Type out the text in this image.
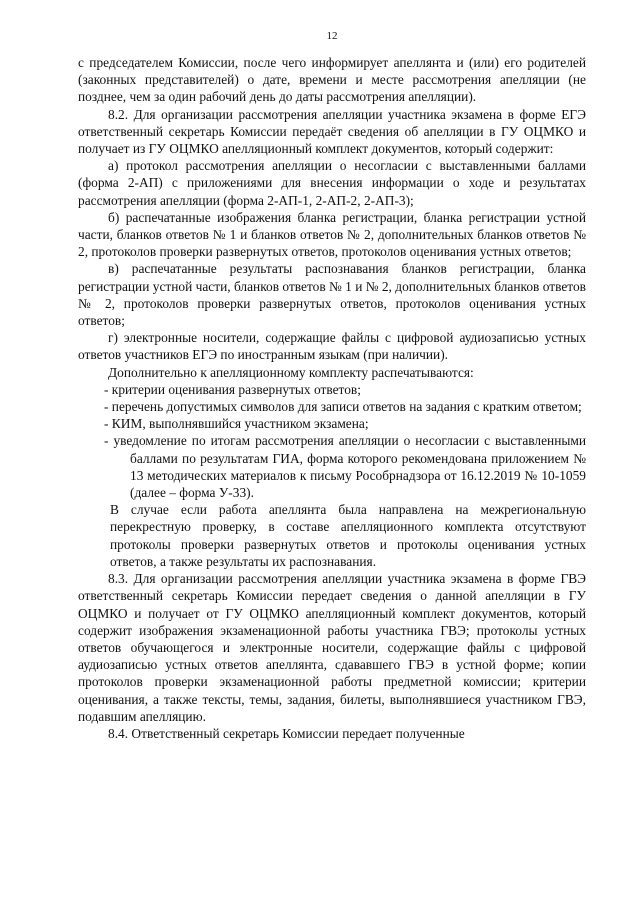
12

с председателем Комиссии, после чего информирует апеллянта и (или) его родителей (законных представителей) о дате, времени и месте рассмотрения апелляции (не позднее, чем за один рабочий день до даты рассмотрения апелляции).

8.2. Для организации рассмотрения апелляции участника экзамена в форме ЕГЭ ответственный секретарь Комиссии передаёт сведения об апелляции в ГУ ОЦМКО и получает из ГУ ОЦМКО апелляционный комплект документов, который содержит:

а) протокол рассмотрения апелляции о несогласии с выставленными баллами (форма 2-АП) с приложениями для внесения информации о ходе и результатах рассмотрения апелляции (форма 2-АП-1, 2-АП-2, 2-АП-3);

б) распечатанные изображения бланка регистрации, бланка регистрации устной части, бланков ответов № 1 и бланков ответов № 2, дополнительных бланков ответов № 2, протоколов проверки развернутых ответов, протоколов оценивания устных ответов;

в) распечатанные результаты распознавания бланков регистрации, бланка регистрации устной части, бланков ответов № 1 и № 2, дополнительных бланков ответов № 2, протоколов проверки развернутых ответов, протоколов оценивания устных ответов;

г) электронные носители, содержащие файлы с цифровой аудиозаписью устных ответов участников ЕГЭ по иностранным языкам (при наличии).

Дополнительно к апелляционному комплекту распечатываются:

- критерии оценивания развернутых ответов;

- перечень допустимых символов для записи ответов на задания с кратким ответом;

- КИМ, выполнявшийся участником экзамена;

- уведомление по итогам рассмотрения апелляции о несогласии с выставленными баллами по результатам ГИА, форма которого рекомендована приложением № 13 методических материалов к письму Рособрнадзора от 16.12.2019 № 10-1059 (далее – форма У-33).

В случае если работа апеллянта была направлена на межрегиональную перекрестную проверку, в составе апелляционного комплекта отсутствуют протоколы проверки развернутых ответов и протоколы оценивания устных ответов, а также результаты их распознавания.

8.3. Для организации рассмотрения апелляции участника экзамена в форме ГВЭ ответственный секретарь Комиссии передает сведения о данной апелляции в ГУ ОЦМКО и получает от ГУ ОЦМКО апелляционный комплект документов, который содержит изображения экзаменационной работы участника ГВЭ; протоколы устных ответов обучающегося и электронные носители, содержащие файлы с цифровой аудиозаписью устных ответов апеллянта, сдававшего ГВЭ в устной форме; копии протоколов проверки экзаменационной работы предметной комиссии; критерии оценивания, а также тексты, темы, задания, билеты, выполнявшиеся участником ГВЭ, подавшим апелляцию.

8.4. Ответственный секретарь Комиссии передает полученные
